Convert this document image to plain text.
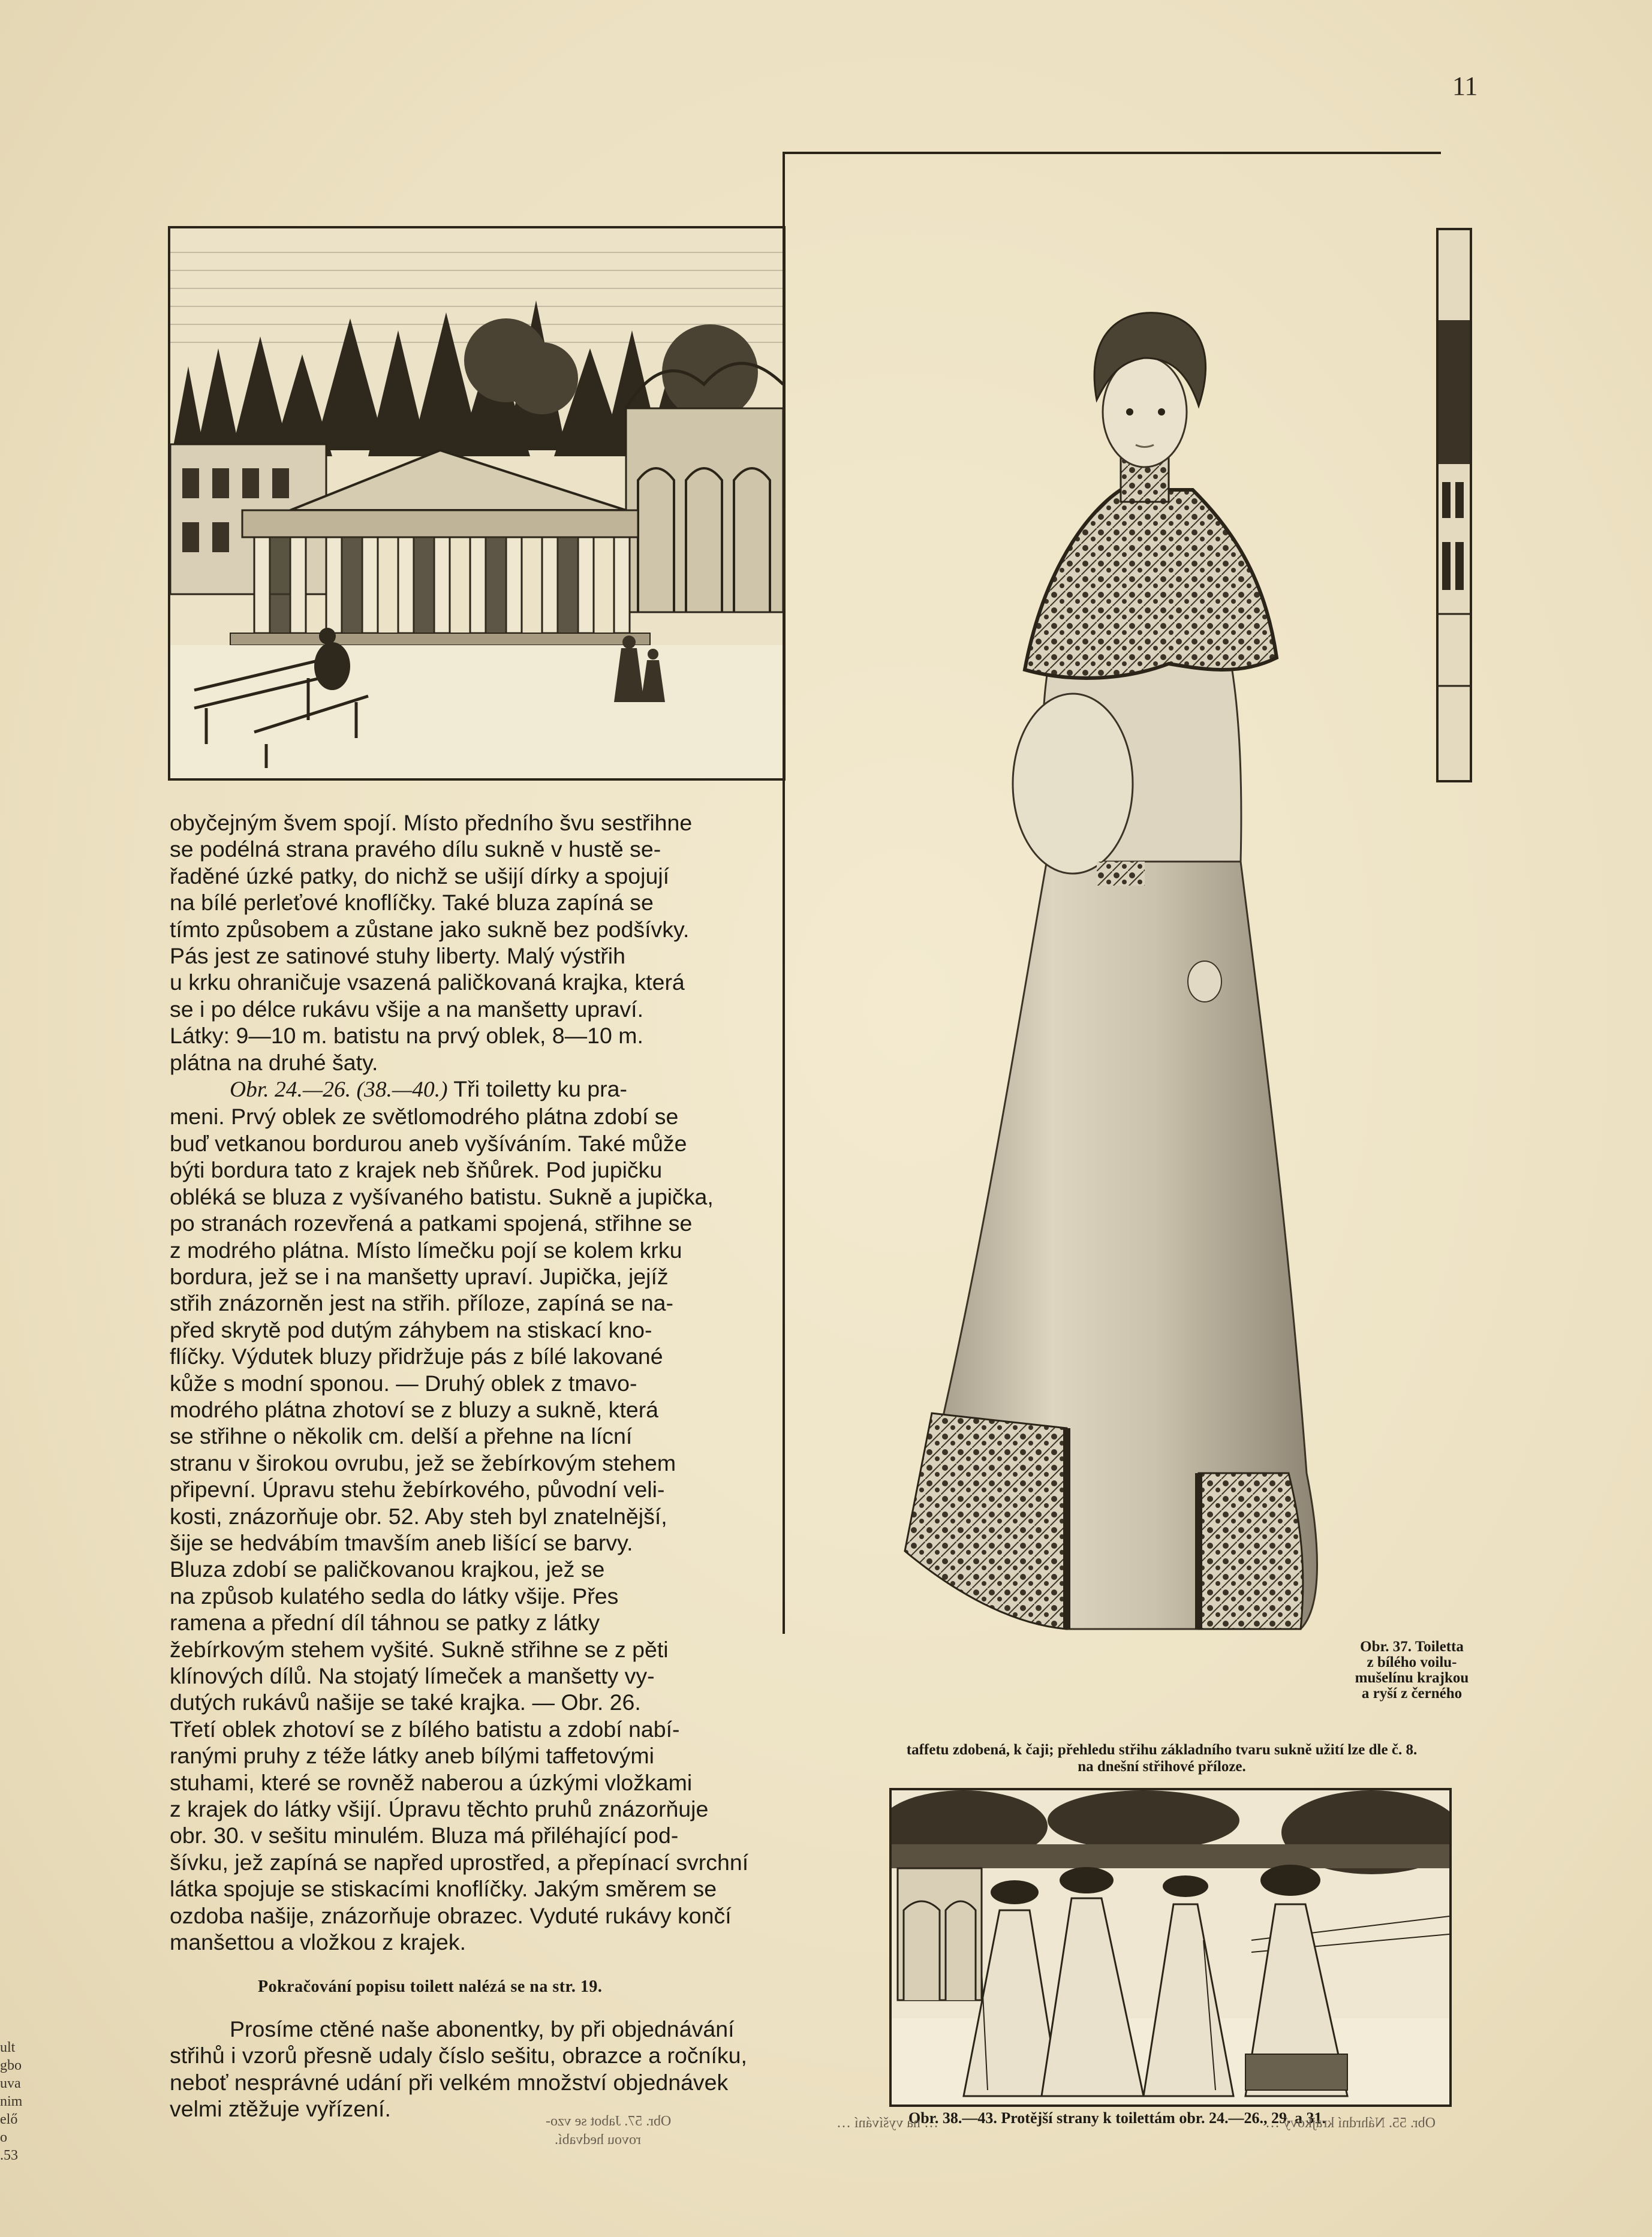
11

obyčejným švem spojí. Místo předního švu sestřihne
se podélná strana pravého dílu sukně v hustě se-
řaděné úzké patky, do nichž se ušijí dírky a spojují
na bílé perleťové knoflíčky. Také bluza zapíná se
tímto způsobem a zůstane jako sukně bez podšívky.
Pás jest ze satinové stuhy liberty. Malý výstřih
u krku ohraničuje vsazená paličkovaná krajka, která
se i po délce rukávu všije a na manšetty upraví.
Látky: 9—10 m. batistu na prvý oblek, 8—10 m.
plátna na druhé šaty.

Obr. 24.—26. (38.—40.) Tři toiletty ku pra-
meni. Prvý oblek ze světlomodrého plátna zdobí se
buď vetkanou bordurou aneb vyšíváním. Také může
býti bordura tato z krajek neb šňůrek. Pod jupičku
obléká se bluza z vyšívaného batistu. Sukně a jupička,
po stranách rozevřená a patkami spojená, střihne se
z modrého plátna. Místo límečku pojí se kolem krku
bordura, jež se i na manšetty upraví. Jupička, jejíž
střih znázorněn jest na střih. příloze, zapíná se na-
před skrytě pod dutým záhybem na stiskací kno-
flíčky. Výdutek bluzy přidržuje pás z bílé lakované
kůže s modní sponou. — Druhý oblek z tmavo-
modrého plátna zhotoví se z bluzy a sukně, která
se střihne o několik cm. delší a přehne na lícní
stranu v širokou ovrubu, jež se žebírkovým stehem
připevní. Úpravu stehu žebírkového, původní veli-
kosti, znázorňuje obr. 52. Aby steh byl znatelnější,
šije se hedvábím tmavším aneb lišící se barvy.
Bluza zdobí se paličkovanou krajkou, jež se
na způsob kulatého sedla do látky všije. Přes
ramena a přední díl táhnou se patky z látky
žebírkovým stehem vyšité. Sukně střihne se z pěti
klínových dílů. Na stojatý límeček a manšetty vy-
dutých rukávů našije se také krajka. — Obr. 26.
Třetí oblek zhotoví se z bílého batistu a zdobí nabí-
ranými pruhy z téže látky aneb bílými taffetovými
stuhami, které se rovněž naberou a úzkými vložkami
z krajek do látky všijí. Úpravu těchto pruhů znázorňuje
obr. 30. v sešitu minulém. Bluza má přiléhající pod-
šívku, jež zapíná se napřed uprostřed, a přepínací svrchní
látka spojuje se stiskacími knoflíčky. Jakým směrem se
ozdoba našije, znázorňuje obrazec. Vyduté rukávy končí
manšettou a vložkou z krajek.

Pokračování popisu toilett nalézá se na str. 19.
Prosíme ctěné naše abonentky, by při objednávání
střihů i vzorů přesně udaly číslo sešitu, obrazce a ročníku,
neboť nesprávné udání při velkém množství objednávek
velmi ztěžuje vyřízení.
Obr. 37. Toiletta
z bílého voilu-
mušelínu krajkou
a ryší z černého
taffetu zdobená, k čaji; přehledu střihu základního tvaru sukně užití lze dle č. 8.
na dnešní střihové příloze.
Obr. 38.—43. Protější strany k toilettám obr. 24.—26., 29. a 31.
Obr. 57. Jabot se vzo-
rovou hedvabí.
Obr. 55. Náhrdní krajkový …
… na vyšívání …
ult
gbo
uva
nim
elő
o
.53
